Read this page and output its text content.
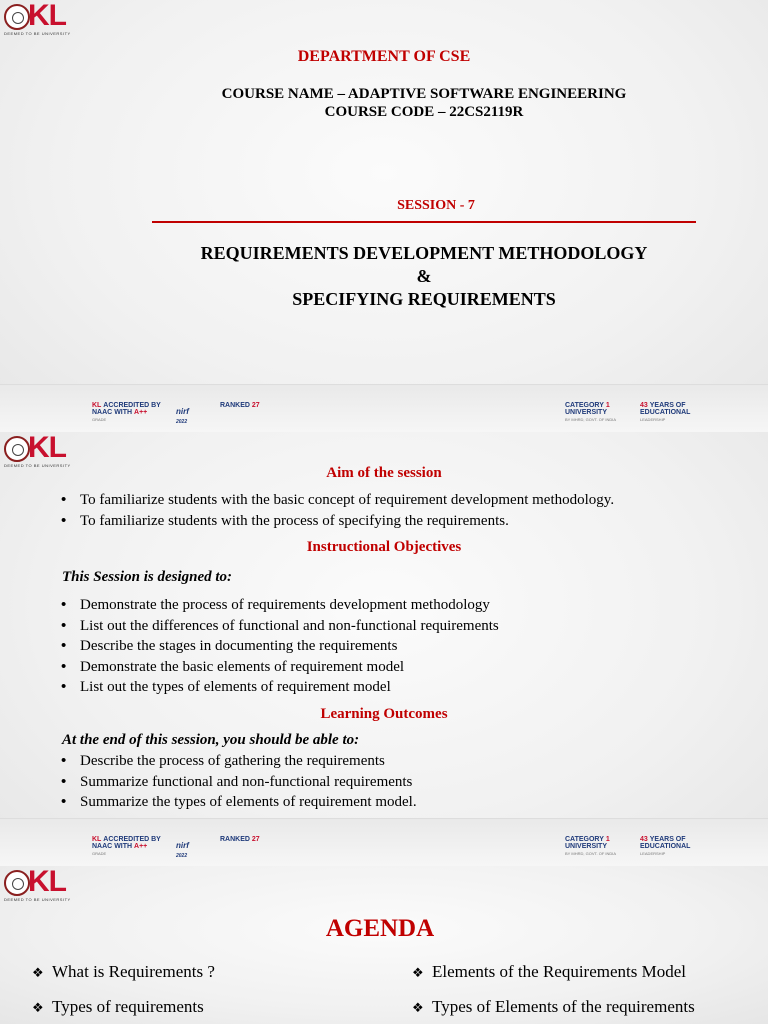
KL
DEEMED TO BE UNIVERSITY
DEPARTMENT OF CSE
COURSE NAME – ADAPTIVE SOFTWARE ENGINEERING
COURSE CODE – 22CS2119R
SESSION - 7
REQUIREMENTS DEVELOPMENT METHODOLOGY
&
SPECIFYING REQUIREMENTS
KL ACCREDITED BY
NAAC WITH A++
GRADE
nirf

2022
RANKED 27	CATEGORY 1
UNIVERSITY
BY MHRD, GOVT. OF INDIA
43 YEARS OF
EDUCATIONAL
LEADERSHIP
KL
DEEMED TO BE UNIVERSITY	Aim of the session
• To familiarize students with the basic concept of requirement development methodology.
• To familiarize students with the process of specifying the requirements.
Instructional Objectives
This Session is designed to:
• Demonstrate the process of requirements development methodology
• List out the differences of functional and non-functional requirements
• Describe the stages in documenting the requirements
• Demonstrate the basic elements of requirement model
• List out the types of elements of requirement model
Learning Outcomes
At the end of this session, you should be able to:
• Describe the process of gathering the requirements
• Summarize functional and non-functional requirements
• Summarize the types of elements of requirement model.
KL ACCREDITED BY
NAAC WITH A++
GRADE
nirf

2022
RANKED 27	CATEGORY 1
UNIVERSITY
BY MHRD, GOVT. OF INDIA
43 YEARS OF
EDUCATIONAL
LEADERSHIP
KL
DEEMED TO BE UNIVERSITY
AGENDA
❖ What is Requirements ?
❖ Types of requirements
❖ Elements of the Requirements Model
❖ Types of Elements of the requirements
